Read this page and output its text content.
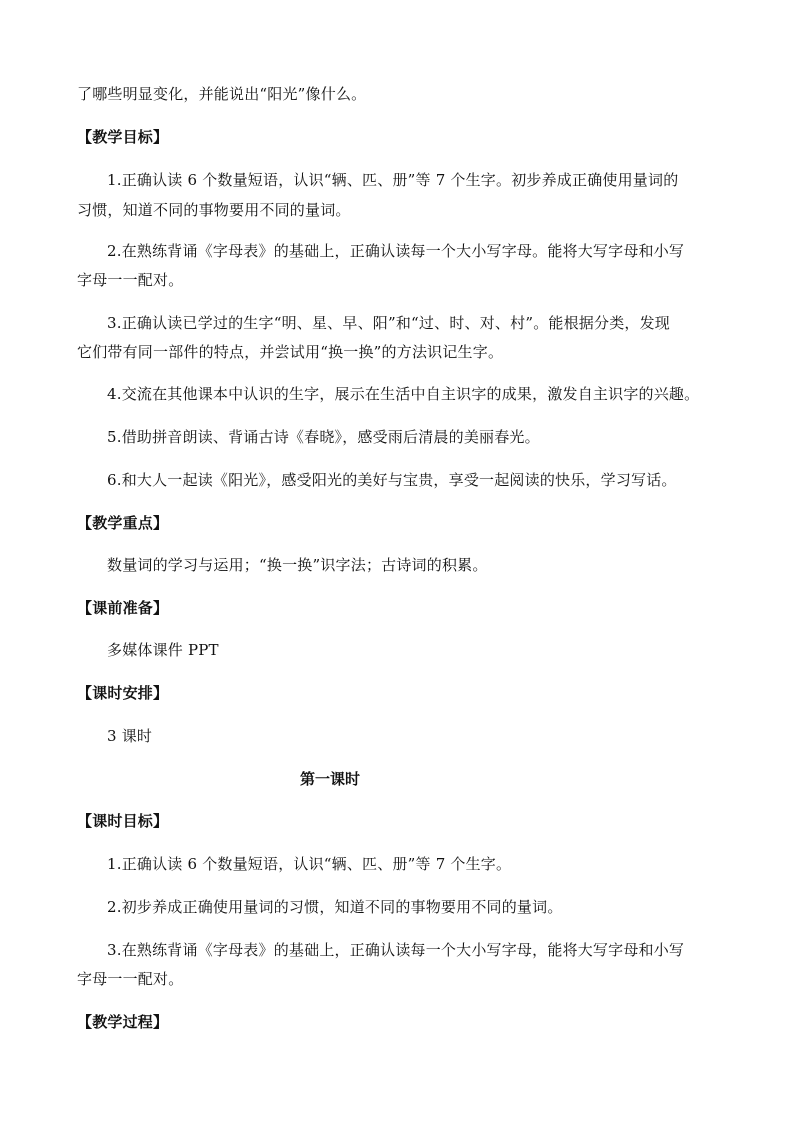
了哪些明显变化，并能说出“阳光”像什么。
【教学目标】
1.正确认读 6 个数量短语，认识“辆、匹、册”等 7 个生字。初步养成正确使用量词的
习惯，知道不同的事物要用不同的量词。
2.在熟练背诵《字母表》的基础上，正确认读每一个大小写字母。能将大写字母和小写
字母一一配对。
3.正确认读已学过的生字“明、星、早、阳”和“过、时、对、村”。能根据分类，发现
它们带有同一部件的特点，并尝试用“换一换”的方法识记生字。
4.交流在其他课本中认识的生字，展示在生活中自主识字的成果，激发自主识字的兴趣。
5.借助拼音朗读、背诵古诗《春晓》，感受雨后清晨的美丽春光。
6.和大人一起读《阳光》，感受阳光的美好与宝贵，享受一起阅读的快乐，学习写话。
【教学重点】
数量词的学习与运用；“换一换”识字法；古诗词的积累。
【课前准备】
多媒体课件 PPT
【课时安排】
3 课时
第一课时
【课时目标】
1.正确认读 6 个数量短语，认识“辆、匹、册”等 7 个生字。
2.初步养成正确使用量词的习惯，知道不同的事物要用不同的量词。
3.在熟练背诵《字母表》的基础上，正确认读每一个大小写字母，能将大写字母和小写
字母一一配对。
【教学过程】
